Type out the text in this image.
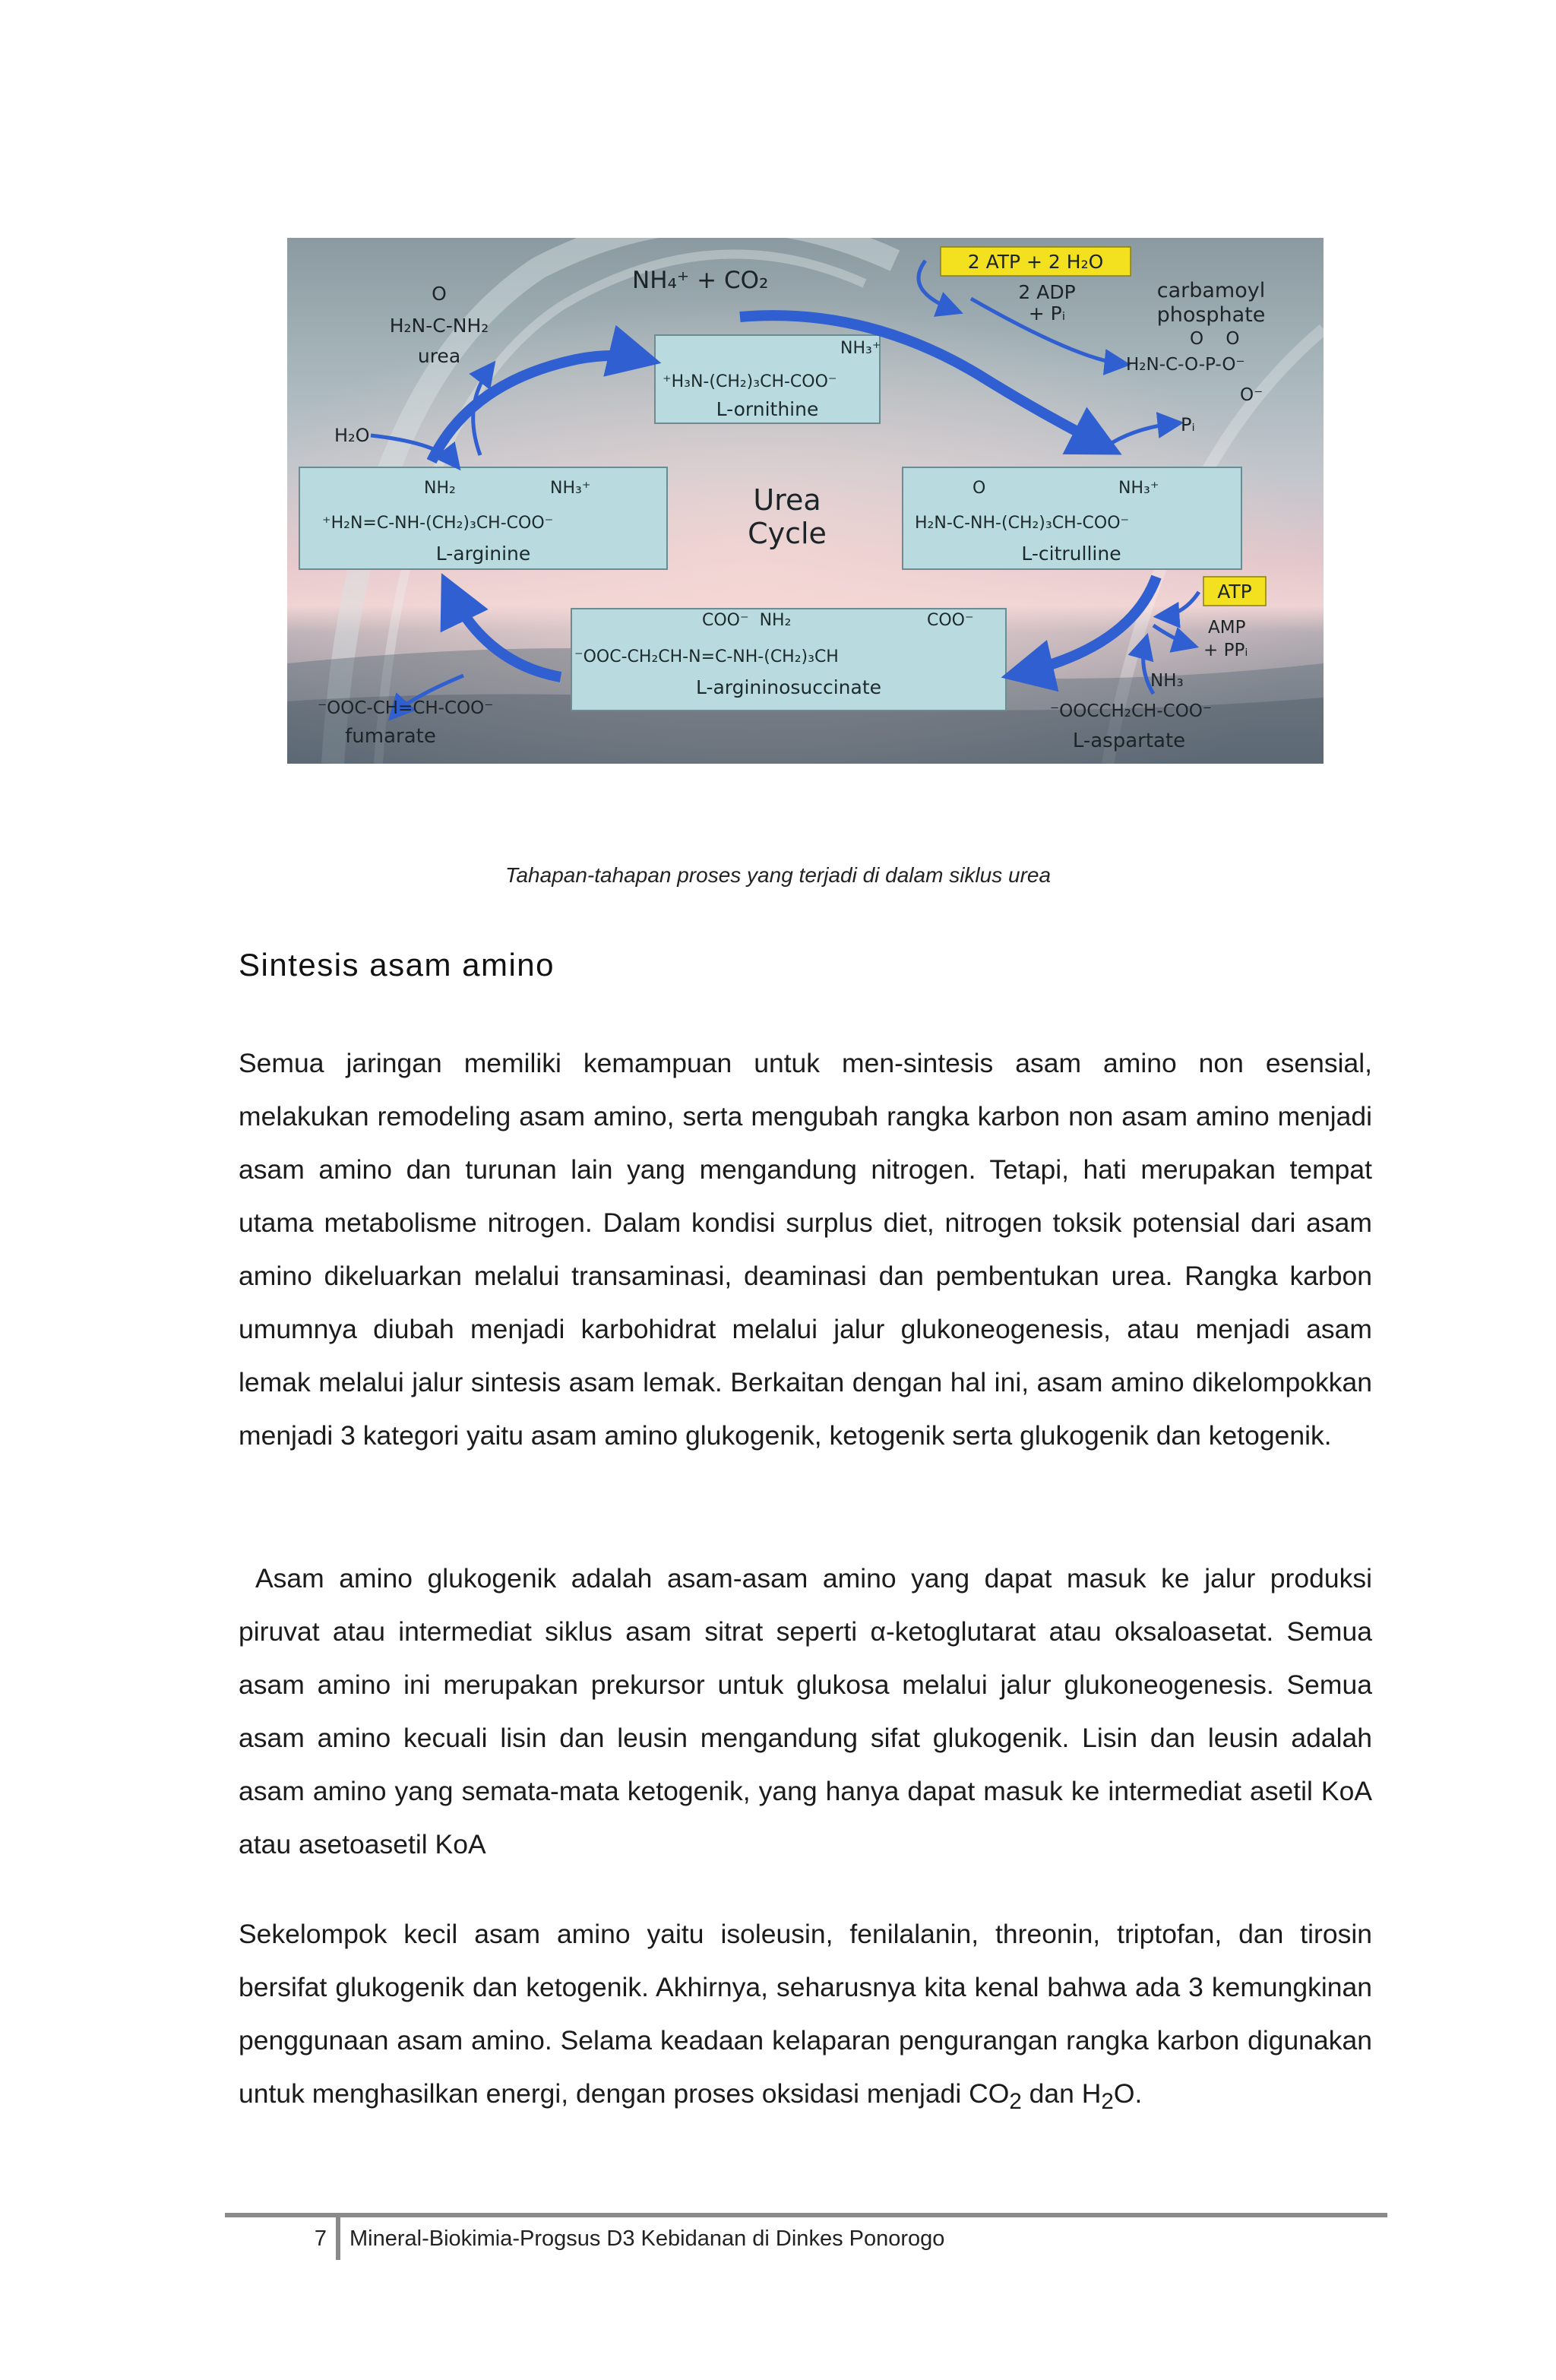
2 ATP + 2 H₂O
ATP
NH₄⁺ + CO₂	2 ADP
+ Pᵢ
carbamoyl
phosphate
O    O
H₂N-C-O-P-O⁻
O⁻
Pᵢ
O
H₂N-C-NH₂
urea
H₂O
Urea
Cycle
NH₃⁺
⁺H₃N-(CH₂)₃CH-COO⁻
L-ornithine
NH₂	NH₃⁺
⁺H₂N=C-NH-(CH₂)₃CH-COO⁻
L-arginine
O	NH₃⁺
H₂N-C-NH-(CH₂)₃CH-COO⁻
L-citrulline
COO⁻  NH₂	COO⁻
⁻OOC-CH₂CH-N=C-NH-(CH₂)₃CH
L-argininosuccinate
AMP
+ PPᵢ
NH₃
⁻OOCCH₂CH-COO⁻
L-aspartate
⁻OOC-CH=CH-COO⁻
fumarate
Tahapan-tahapan proses yang terjadi di dalam siklus urea
Sintesis asam amino

Semua jaringan memiliki kemampuan untuk men-sintesis asam amino non esensial, melakukan remodeling asam amino, serta mengubah rangka karbon non asam amino menjadi asam amino dan turunan lain yang mengandung nitrogen. Tetapi, hati merupakan tempat utama metabolisme nitrogen. Dalam kondisi surplus diet, nitrogen toksik potensial dari asam amino dikeluarkan melalui transaminasi, deaminasi dan pembentukan urea. Rangka karbon umumnya diubah menjadi karbohidrat melalui jalur glukoneogenesis, atau menjadi asam lemak melalui jalur sintesis asam lemak. Berkaitan dengan hal ini, asam amino dikelompokkan menjadi 3 kategori yaitu asam amino glukogenik, ketogenik serta glukogenik dan ketogenik.

Asam amino glukogenik adalah asam-asam amino yang dapat masuk ke jalur produksi piruvat atau intermediat siklus asam sitrat seperti α-ketoglutarat atau oksaloasetat. Semua asam amino ini merupakan prekursor untuk glukosa melalui jalur glukoneogenesis. Semua asam amino kecuali lisin dan leusin mengandung sifat glukogenik. Lisin dan leusin adalah asam amino yang semata-mata ketogenik, yang hanya dapat masuk ke intermediat asetil KoA atau asetoasetil KoA

Sekelompok kecil asam amino yaitu isoleusin, fenilalanin, threonin, triptofan, dan tirosin bersifat glukogenik dan ketogenik. Akhirnya, seharusnya kita kenal bahwa ada 3 kemungkinan penggunaan asam amino. Selama keadaan kelaparan pengurangan rangka karbon digunakan untuk menghasilkan energi, dengan proses oksidasi menjadi $CO_2$ dan $H_2O$.

7	Mineral-Biokimia-Progsus D3 Kebidanan di Dinkes Ponorogo
